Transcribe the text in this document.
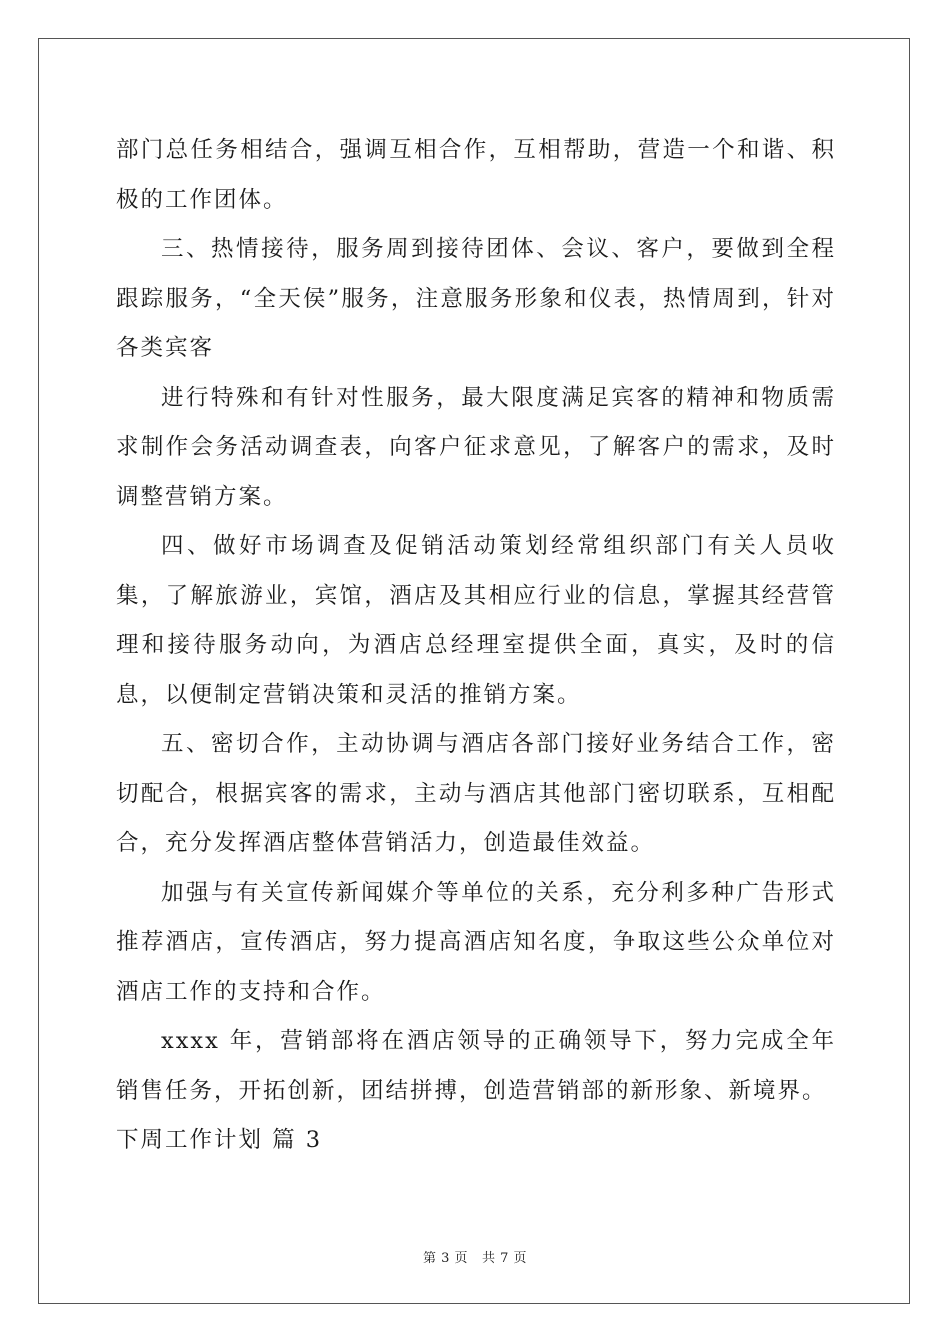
部门总任务相结合，强调互相合作，互相帮助，营造一个和谐、积极的工作团体。

三、热情接待，服务周到接待团体、会议、客户，要做到全程跟踪服务，“全天侯”服务，注意服务形象和仪表，热情周到，针对各类宾客

进行特殊和有针对性服务，最大限度满足宾客的精神和物质需求制作会务活动调查表，向客户征求意见，了解客户的需求，及时调整营销方案。

四、做好市场调查及促销活动策划经常组织部门有关人员收集，了解旅游业，宾馆，酒店及其相应行业的信息，掌握其经营管理和接待服务动向，为酒店总经理室提供全面，真实，及时的信息，以便制定营销决策和灵活的推销方案。

五、密切合作，主动协调与酒店各部门接好业务结合工作，密切配合，根据宾客的需求，主动与酒店其他部门密切联系，互相配合，充分发挥酒店整体营销活力，创造最佳效益。

加强与有关宣传新闻媒介等单位的关系，充分利多种广告形式推荐酒店，宣传酒店，努力提高酒店知名度，争取这些公众单位对酒店工作的支持和合作。

xxxx 年，营销部将在酒店领导的正确领导下，努力完成全年销售任务，开拓创新，团结拼搏，创造营销部的新形象、新境界。

下周工作计划 篇 3

第 3 页 共 7 页
